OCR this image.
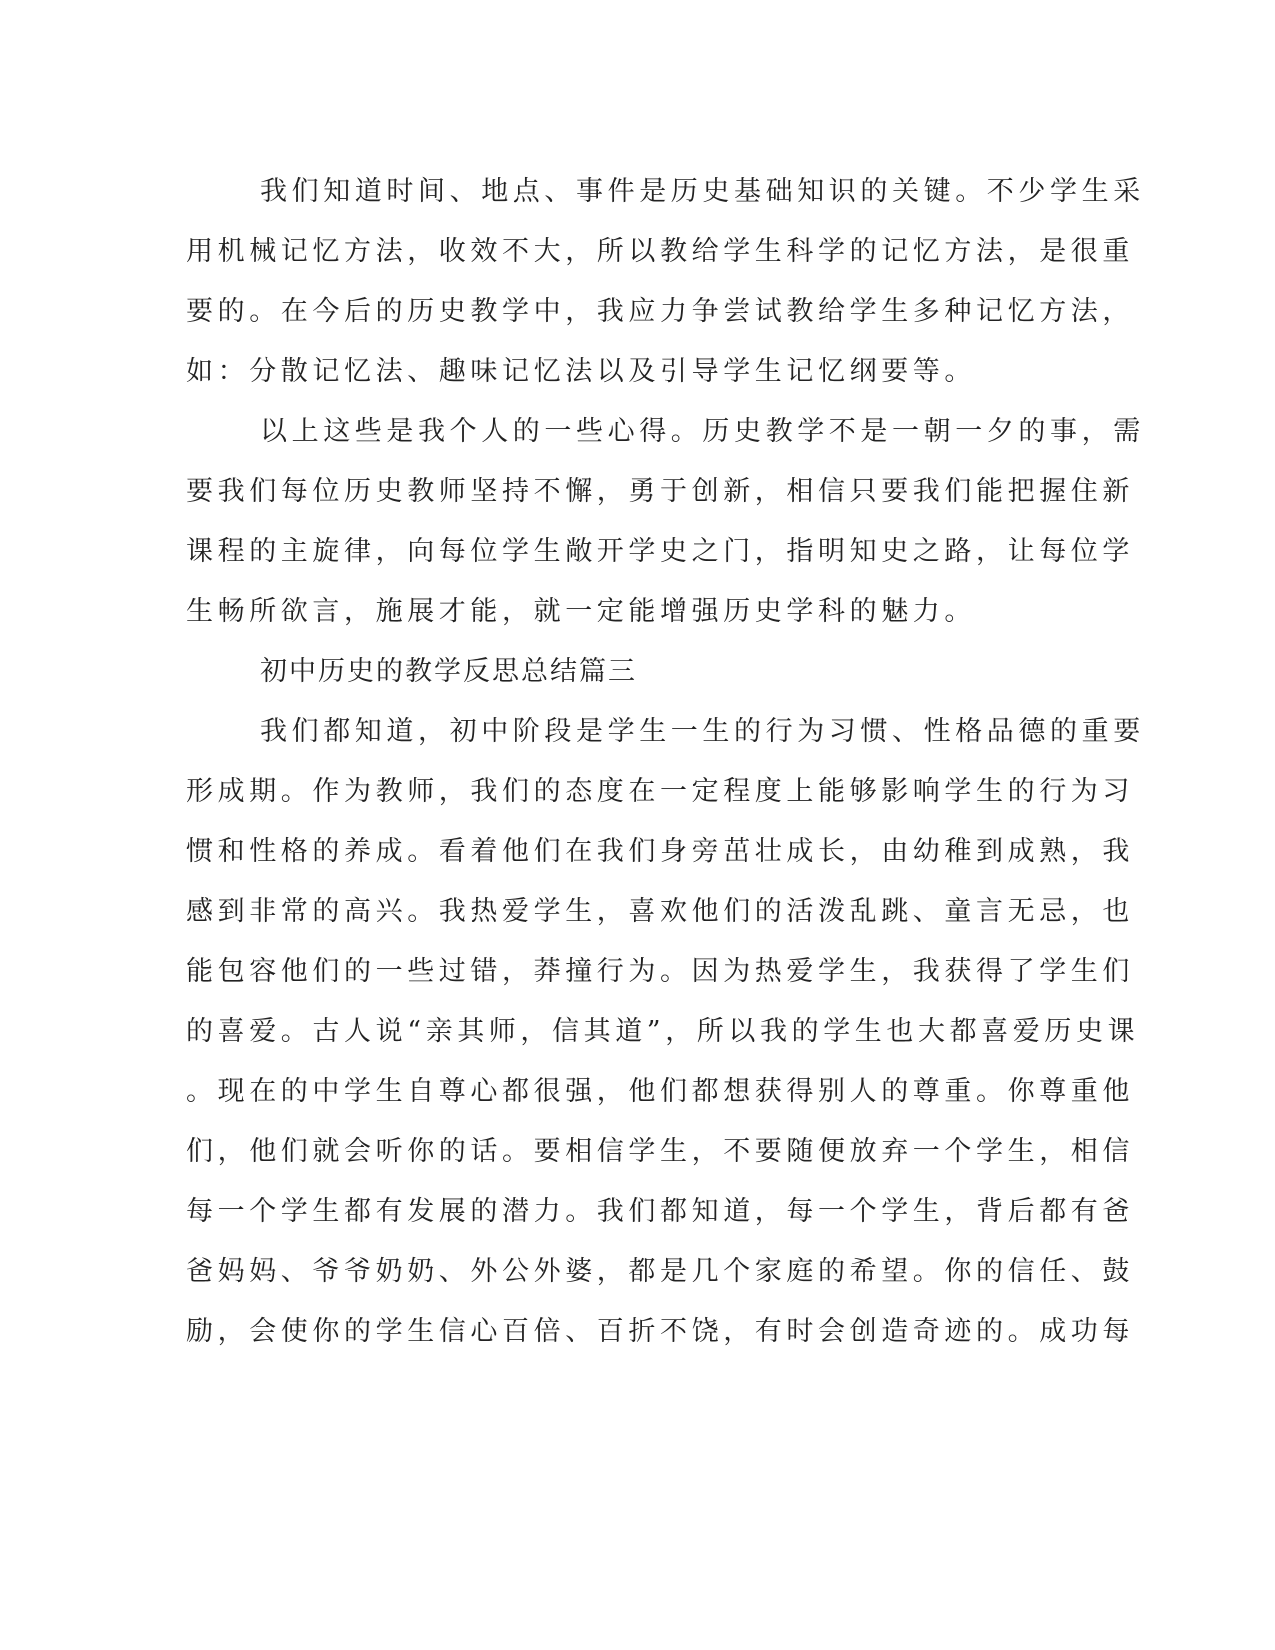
我们知道时间、地点、事件是历史基础知识的关键。不少学生采
用机械记忆方法，收效不大，所以教给学生科学的记忆方法，是很重
要的。在今后的历史教学中，我应力争尝试教给学生多种记忆方法，
如：分散记忆法、趣味记忆法以及引导学生记忆纲要等。
以上这些是我个人的一些心得。历史教学不是一朝一夕的事，需
要我们每位历史教师坚持不懈，勇于创新，相信只要我们能把握住新
课程的主旋律，向每位学生敞开学史之门，指明知史之路，让每位学
生畅所欲言，施展才能，就一定能增强历史学科的魅力。
初中历史的教学反思总结篇三
我们都知道，初中阶段是学生一生的行为习惯、性格品德的重要
形成期。作为教师，我们的态度在一定程度上能够影响学生的行为习
惯和性格的养成。看着他们在我们身旁茁壮成长，由幼稚到成熟，我
感到非常的高兴。我热爱学生，喜欢他们的活泼乱跳、童言无忌，也
能包容他们的一些过错，莽撞行为。因为热爱学生，我获得了学生们
的喜爱。古人说“亲其师，信其道”，所以我的学生也大都喜爱历史课
。现在的中学生自尊心都很强，他们都想获得别人的尊重。你尊重他
们，他们就会听你的话。要相信学生，不要随便放弃一个学生，相信
每一个学生都有发展的潜力。我们都知道，每一个学生，背后都有爸
爸妈妈、爷爷奶奶、外公外婆，都是几个家庭的希望。你的信任、鼓
励，会使你的学生信心百倍、百折不饶，有时会创造奇迹的。成功每
